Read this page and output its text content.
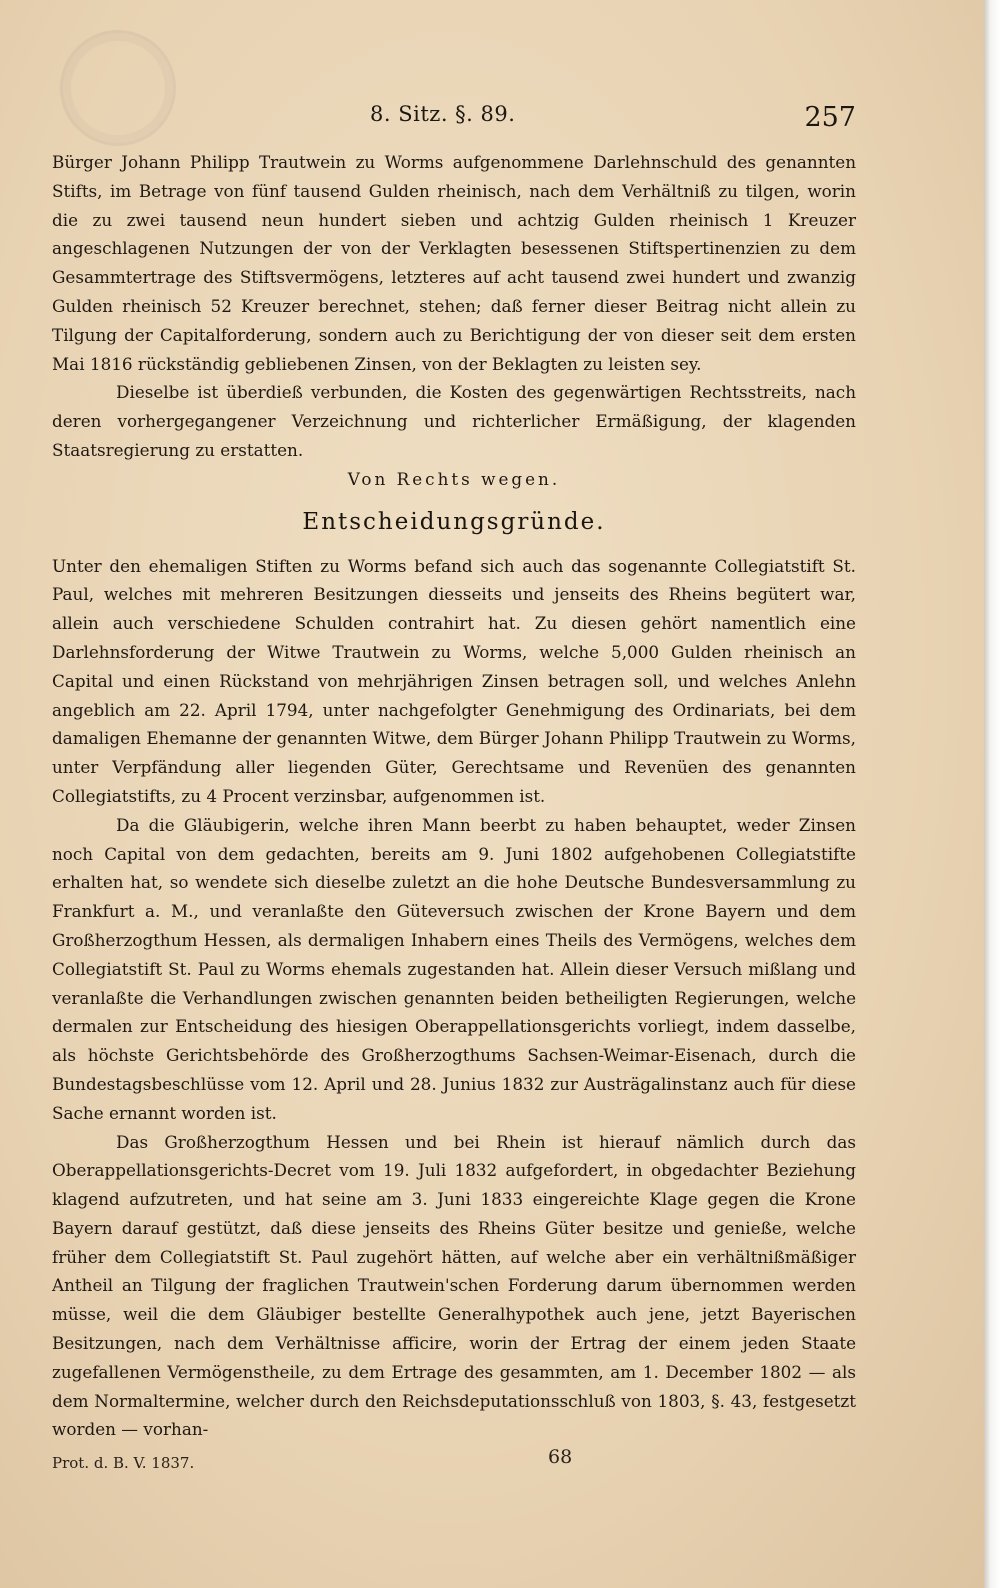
8. Sitz. §. 89.	257

Bürger Johann Philipp Trautwein zu Worms aufgenommene Darlehnschuld des genannten Stifts, im Betrage von fünf tausend Gulden rheinisch, nach dem Verhältniß zu tilgen, worin die zu zwei tausend neun hundert sieben und achtzig Gulden rheinisch 1 Kreuzer angeschlagenen Nutzungen der von der Verklagten besessenen Stiftspertinenzien zu dem Gesammtertrage des Stiftsvermögens, letzteres auf acht tausend zwei hundert und zwanzig Gulden rheinisch 52 Kreuzer berechnet, stehen; daß ferner dieser Beitrag nicht allein zu Tilgung der Capitalforderung, sondern auch zu Berichtigung der von dieser seit dem ersten Mai 1816 rückständig gebliebenen Zinsen, von der Beklagten zu leisten sey.

Dieselbe ist überdieß verbunden, die Kosten des gegenwärtigen Rechtsstreits, nach deren vorhergegangener Verzeichnung und richterlicher Ermäßigung, der klagenden Staatsregierung zu erstatten.

Von Rechts wegen.

Entscheidungsgründe.

Unter den ehemaligen Stiften zu Worms befand sich auch das sogenannte Collegiatstift St. Paul, welches mit mehreren Besitzungen diesseits und jenseits des Rheins begütert war, allein auch verschiedene Schulden contrahirt hat. Zu diesen gehört namentlich eine Darlehnsforderung der Witwe Trautwein zu Worms, welche 5,000 Gulden rheinisch an Capital und einen Rückstand von mehrjährigen Zinsen betragen soll, und welches Anlehn angeblich am 22. April 1794, unter nachgefolgter Genehmigung des Ordinariats, bei dem damaligen Ehemanne der genannten Witwe, dem Bürger Johann Philipp Trautwein zu Worms, unter Verpfändung aller liegenden Güter, Gerechtsame und Revenüen des genannten Collegiatstifts, zu 4 Procent verzinsbar, aufgenommen ist.

Da die Gläubigerin, welche ihren Mann beerbt zu haben behauptet, weder Zinsen noch Capital von dem gedachten, bereits am 9. Juni 1802 aufgehobenen Collegiatstifte erhalten hat, so wendete sich dieselbe zuletzt an die hohe Deutsche Bundesversammlung zu Frankfurt a. M., und veranlaßte den Güteversuch zwischen der Krone Bayern und dem Großherzogthum Hessen, als dermaligen Inhabern eines Theils des Vermögens, welches dem Collegiatstift St. Paul zu Worms ehemals zugestanden hat. Allein dieser Versuch mißlang und veranlaßte die Verhandlungen zwischen genannten beiden betheiligten Regierungen, welche dermalen zur Entscheidung des hiesigen Oberappellationsgerichts vorliegt, indem dasselbe, als höchste Gerichtsbehörde des Großherzogthums Sachsen-Weimar-Eisenach, durch die Bundestagsbeschlüsse vom 12. April und 28. Junius 1832 zur Austrägalinstanz auch für diese Sache ernannt worden ist.

Das Großherzogthum Hessen und bei Rhein ist hierauf nämlich durch das Oberappellationsgerichts-Decret vom 19. Juli 1832 aufgefordert, in obgedachter Beziehung klagend aufzutreten, und hat seine am 3. Juni 1833 eingereichte Klage gegen die Krone Bayern darauf gestützt, daß diese jenseits des Rheins Güter besitze und genieße, welche früher dem Collegiatstift St. Paul zugehört hätten, auf welche aber ein verhältnißmäßiger Antheil an Tilgung der fraglichen Trautwein'schen Forderung darum übernommen werden müsse, weil die dem Gläubiger bestellte Generalhypothek auch jene, jetzt Bayerischen Besitzungen, nach dem Verhältnisse afficire, worin der Ertrag der einem jeden Staate zugefallenen Vermögenstheile, zu dem Ertrage des gesammten, am 1. December 1802 — als dem Normaltermine, welcher durch den Reichsdeputationsschluß von 1803, §. 43, festgesetzt worden — vorhan-

Prot. d. B. V. 1837.	68
